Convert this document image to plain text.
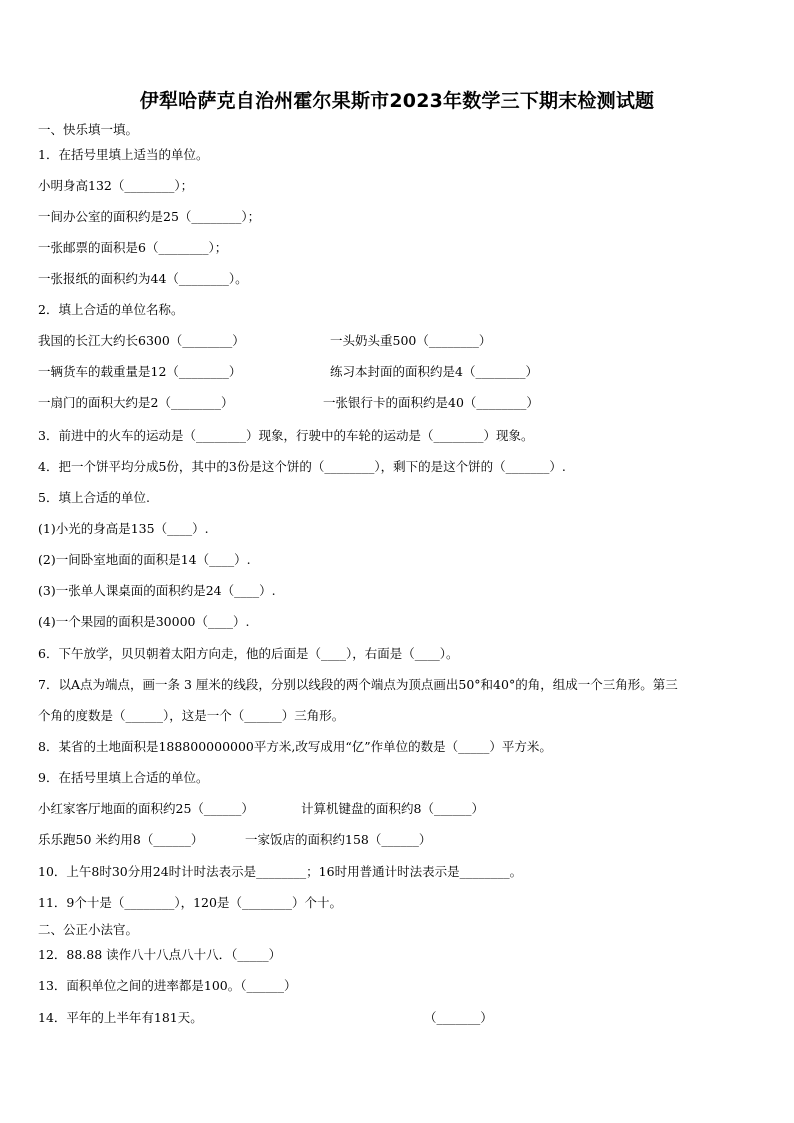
伊犁哈萨克自治州霍尔果斯市2023年数学三下期末检测试题
一、快乐填一填。
1．在括号里填上适当的单位。
小明身高132（________）；
一间办公室的面积约是25（________）；
一张邮票的面积是6（________）；
一张报纸的面积约为44（________）。
2．填上合适的单位名称。
我国的长江大约长6300（________）	一头奶头重500（________）
一辆货车的载重量是12（________）	练习本封面的面积约是4（________）
一扇门的面积大约是2（________）	一张银行卡的面积约是40（________）
3．前进中的火车的运动是（________）现象，行驶中的车轮的运动是（________）现象。
4．把一个饼平均分成5份，其中的3份是这个饼的（________），剩下的是这个饼的（_______）.
5．填上合适的单位.
(1)小光的身高是135（____）.
(2)一间卧室地面的面积是14（____）.
(3)一张单人课桌面的面积约是24（____）.
(4)一个果园的面积是30000（____）.
6．下午放学，贝贝朝着太阳方向走，他的后面是（____），右面是（____）。
7．以A点为端点，画一条 3 厘米的线段，分别以线段的两个端点为顶点画出50°和40°的角，组成一个三角形。第三
个角的度数是（______），这是一个（______）三角形。
8．某省的土地面积是188800000000平方米,改写成用“亿”作单位的数是（_____）平方米。
9．在括号里填上合适的单位。
小红家客厅地面的面积约25（______）	计算机键盘的面积约8（______）
乐乐跑50 米约用8（______）	一家饭店的面积约158（______）
10．上午8时30分用24时计时法表示是________；16时用普通计时法表示是________。
11．9个十是（________），120是（________）个十。
二、公正小法官。
12．88.88 读作八十八点八十八．（_____）
13．面积单位之间的进率都是100。（______）
14．平年的上半年有181天。	（_______）
